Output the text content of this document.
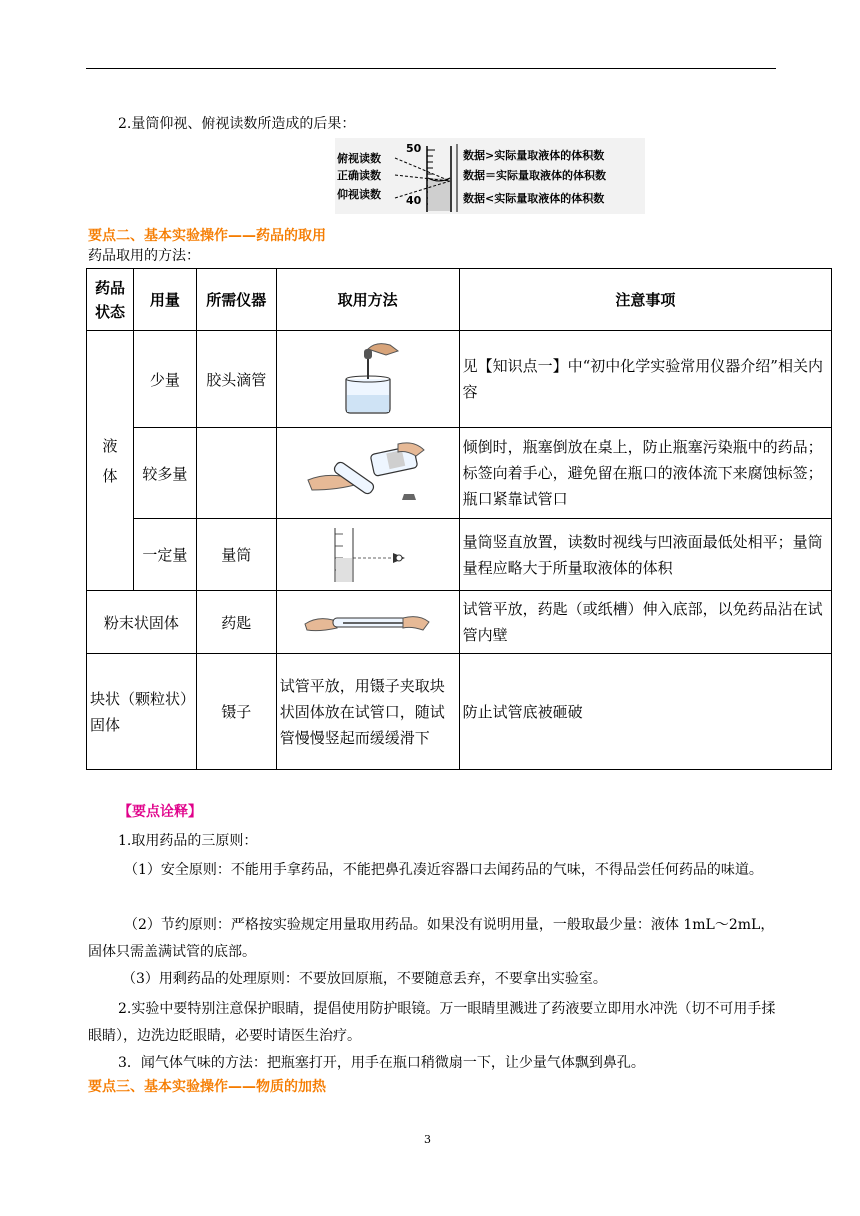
2.量筒仰视、俯视读数所造成的后果：
俯视读数
正确读数
仰视读数
50
40
数据>实际量取液体的体积数
数据＝实际量取液体的体积数
数据<实际量取液体的体积数
要点二、基本实验操作——药品的取用
药品取用的方法：
药品状态	用量	所需仪器	取用方法	注意事项
液体	少量	胶头滴管		见【知识点一】中“初中化学实验常用仪器介绍”相关内容
	较多量			倾倒时，瓶塞倒放在桌上，防止瓶塞污染瓶中的药品；标签向着手心，避免留在瓶口的液体流下来腐蚀标签；瓶口紧靠试管口
	一定量	量筒		量筒竖直放置，读数时视线与凹液面最低处相平；量筒量程应略大于所量取液体的体积
粉末状固体		药匙		试管平放，药匙（或纸槽）伸入底部，以免药品沾在试管内壁
块状（颗粒状）固体		镊子	试管平放，用镊子夹取块状固体放在试管口，随试管慢慢竖起而缓缓滑下	防止试管底被砸破
【要点诠释】
1.取用药品的三原则：
（1）安全原则：不能用手拿药品，不能把鼻孔凑近容器口去闻药品的气味，不得品尝任何药品的味道。
（2）节约原则：严格按实验规定用量取用药品。如果没有说明用量，一般取最少量：液体 1mL～2mL，固体只需盖满试管的底部。
（3）用剩药品的处理原则：不要放回原瓶，不要随意丢弃，不要拿出实验室。
2.实验中要特别注意保护眼睛，提倡使用防护眼镜。万一眼睛里溅进了药液要立即用水冲洗（切不可用手揉眼睛），边洗边眨眼睛，必要时请医生治疗。
3．闻气体气味的方法：把瓶塞打开，用手在瓶口稍微扇一下，让少量气体飘到鼻孔。
要点三、基本实验操作——物质的加热
3
